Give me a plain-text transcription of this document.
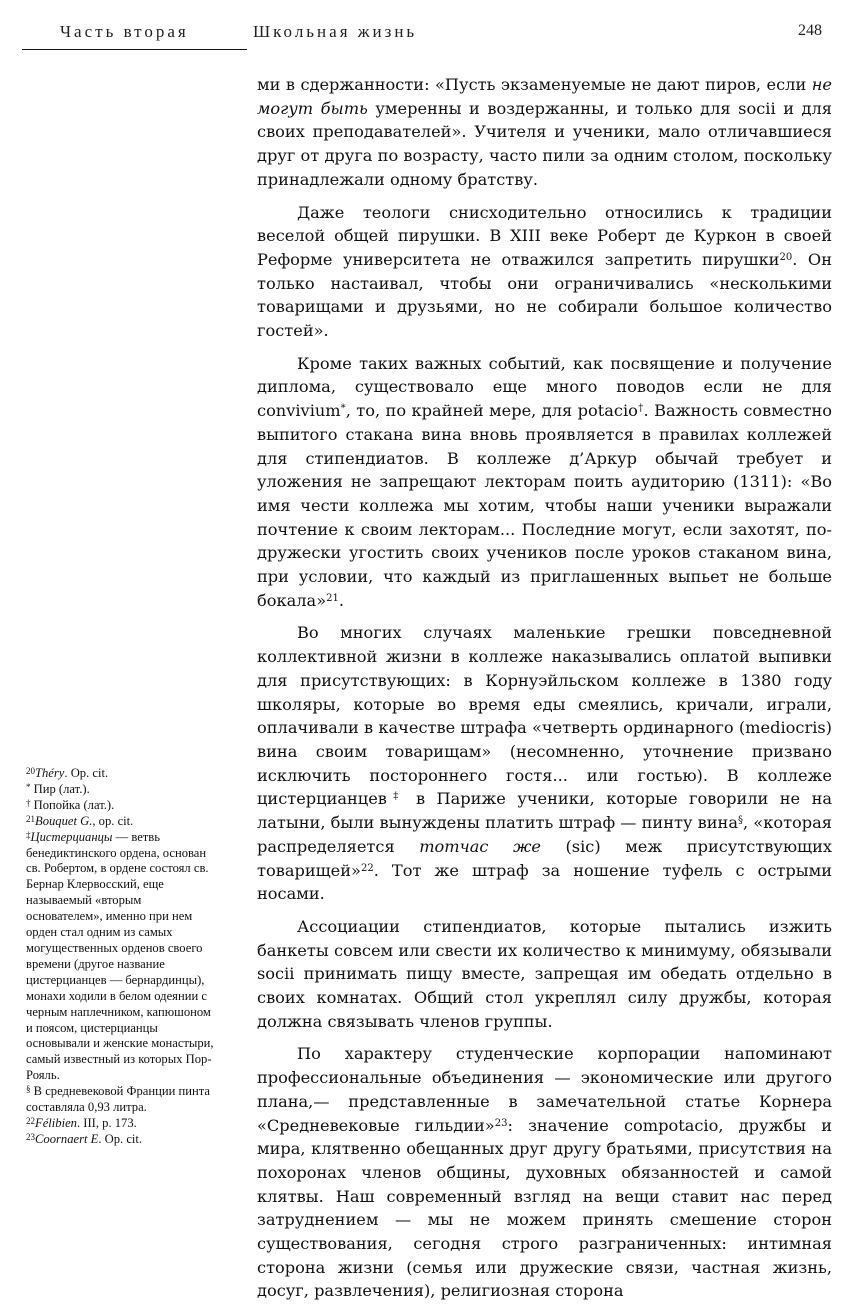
Часть вторая	Школьная жизнь	248

ми в сдержанности: «Пусть экзаменуемые не дают пиров, если не могут быть умеренны и воздержанны, и только для socii и для своих преподавателей». Учителя и ученики, мало отличавшиеся друг от друга по возрасту, часто пили за одним столом, поскольку принадлежали одному братству.

Даже теологи снисходительно относились к традиции веселой общей пирушки. В XIII веке Роберт де Куркон в своей Реформе университета не отважился запретить пирушки$^{20}$. Он только настаивал, чтобы они ограничивались «несколькими товарищами и друзьями, но не собирали большое количество гостей».

Кроме таких важных событий, как посвящение и получение диплома, существовало еще много поводов если не для convivium*, то, по крайней мере, для potacio†. Важность совместно выпитого стакана вина вновь проявляется в правилах коллежей для стипендиатов. В коллеже д’Аркур обычай требует и уложения не запрещают лекторам поить аудиторию (1311): «Во имя чести коллежа мы хотим, чтобы наши ученики выражали почтение к своим лекторам... Последние могут, если захотят, по-дружески угостить своих учеников после уроков стаканом вина, при условии, что каждый из приглашенных выпьет не больше бокала»$^{21}$.

Во многих случаях маленькие грешки повседневной коллективной жизни в коллеже наказывались оплатой выпивки для присутствующих: в Корнуэйльском коллеже в 1380 году школяры, которые во время еды смеялись, кричали, играли, оплачивали в качестве штрафа «четверть ординарного (mediocris) вина своим товарищам» (несомненно, уточнение призвано исключить постороннего гостя... или гостью). В коллеже цистерцианцев‡ в Париже ученики, которые говорили не на латыни, были вынуждены платить штраф — пинту вина§, «которая распределяется тотчас же (sic) меж присутствующих товарищей»$^{22}$. Тот же штраф за ношение туфель с острыми носами.

Ассоциации стипендиатов, которые пытались изжить банкеты совсем или свести их количество к минимуму, обязывали socii принимать пищу вместе, запрещая им обедать отдельно в своих комнатах. Общий стол укреплял силу дружбы, которая должна связывать членов группы.

По характеру студенческие корпорации напоминают профессиональные объединения — экономические или другого плана,— представленные в замечательной статье Корнера «Средневековые гильдии»$^{23}$: значение compotacio, дружбы и мира, клятвенно обещанных друг другу братьями, присутствия на похоронах членов общины, духовных обязанностей и самой клятвы. Наш современный взгляд на вещи ставит нас перед затруднением — мы не можем принять смешение сторон существования, сегодня строго разграниченных: интимная сторона жизни (семья или дружеские связи, частная жизнь, досуг, развлечения), религиозная сторона

$^{20}$Théry. Op. cit.

* Пир (лат.).

† Попойка (лат.).

$^{21}$Bouquet G., op. cit.

‡Цистерцианцы — ветвь бенедиктинского ордена, основан св. Робертом, в ордене состоял св. Бернар Клервосский, еще называемый «вторым основателем», именно при нем орден стал одним из самых могущественных орденов своего времени (другое название цистерцианцев — бернардинцы), монахи ходили в белом одеянии с черным наплечником, капюшоном и поясом, цистерцианцы основывали и женские монастыри, самый известный из которых Пор-Рояль.

§ В средневековой Франции пинта составляла 0,93 литра.

$^{22}$Félibien. III, p. 173.

$^{23}$Coornaert E. Op. cit.
